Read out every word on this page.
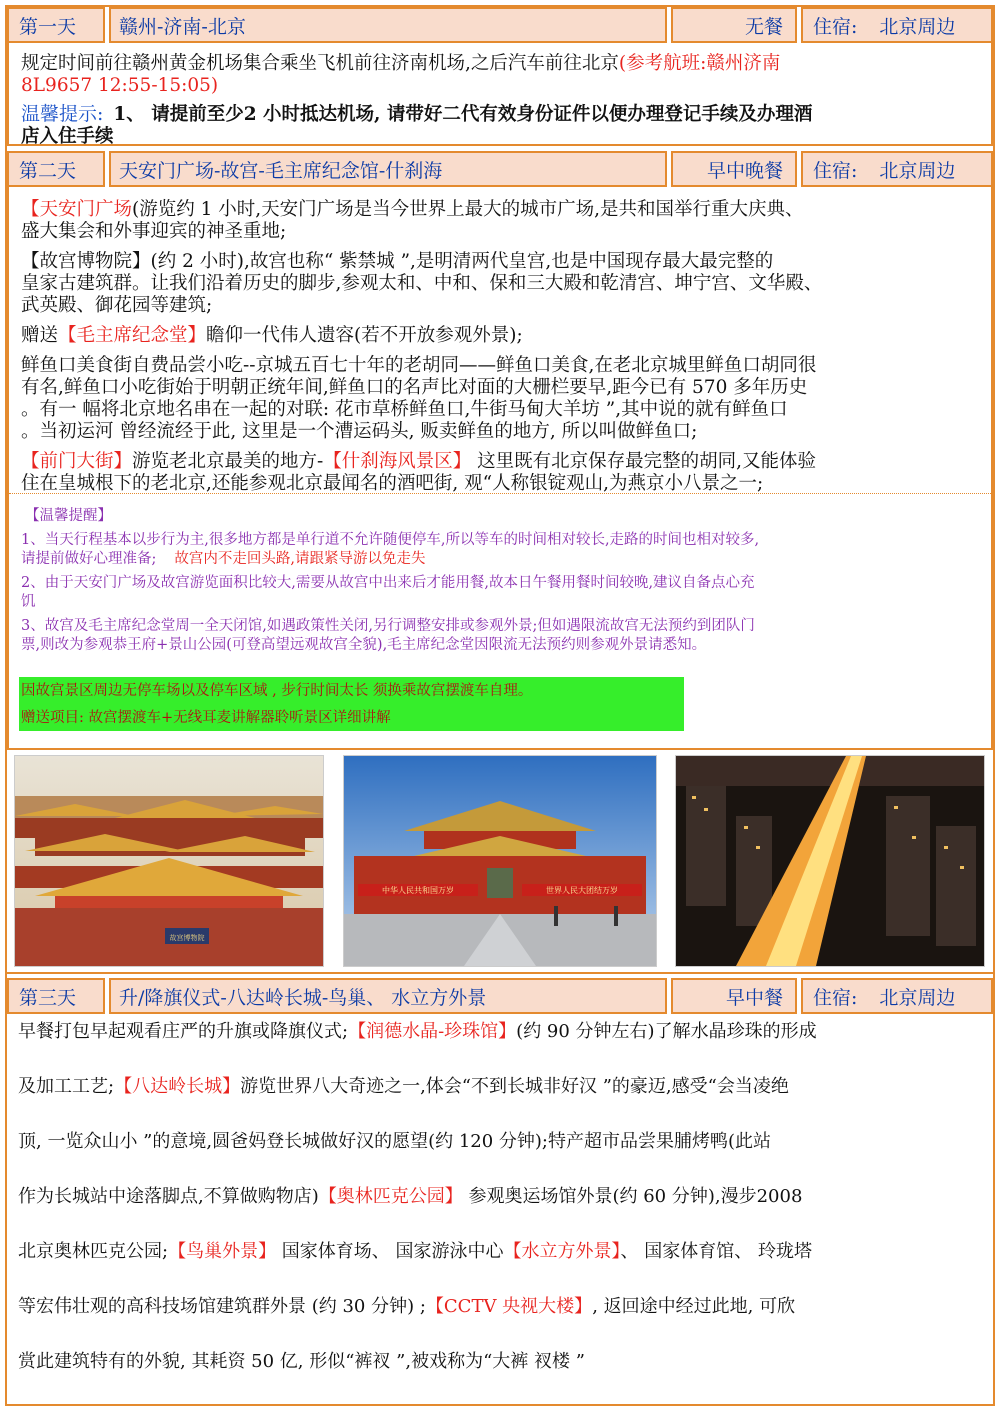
第一天	赣州-济南-北京	无餐	住宿: 北京周边

规定时间前往赣州黄金机场集合乘坐飞机前往济南机场,之后汽车前往北京(参考航班:赣州济南

8L9657 12:55-15:05)

温馨提示: 1、 请提前至少2 小时抵达机场, 请带好二代有效身份证件以便办理登记手续及办理酒

店入住手续

第二天	天安门广场-故宫-毛主席纪念馆-什刹海	早中晚餐	住宿: 北京周边

【天安门广场(游览约 1 小时,天安门广场是当今世界上最大的城市广场,是共和国举行重大庆典、

盛大集会和外事迎宾的神圣重地;

【故宫博物院】(约 2 小时),故宫也称“ 紫禁城 ”,是明清两代皇宫,也是中国现存最大最完整的

皇家古建筑群。让我们沿着历史的脚步,参观太和、中和、保和三大殿和乾清宫、坤宁宫、文华殿、

武英殿、御花园等建筑;

赠送【毛主席纪念堂】瞻仰一代伟人遗容(若不开放参观外景);

鲜鱼口美食街自费品尝小吃--京城五百七十年的老胡同——鲜鱼口美食,在老北京城里鲜鱼口胡同很

有名,鲜鱼口小吃街始于明朝正统年间,鲜鱼口的名声比对面的大栅栏要早,距今已有 570 多年历史

。有一 幅将北京地名串在一起的对联: 花市草桥鲜鱼口,牛街马甸大羊坊 ”,其中说的就有鲜鱼口

。当初运河 曾经流经于此, 这里是一个漕运码头, 贩卖鲜鱼的地方, 所以叫做鲜鱼口;

【前门大街】游览老北京最美的地方-【什刹海风景区】 这里既有北京保存最完整的胡同,又能体验

住在皇城根下的老北京,还能参观北京最闻名的酒吧街, 观“人称银锭观山,为燕京小八景之一;

【温馨提醒】

1、当天行程基本以步行为主,很多地方都是单行道不允许随便停车,所以等车的时间相对较长,走路的时间也相对较多,

请提前做好心理准备; 故宫内不走回头路,请跟紧导游以免走失

2、由于天安门广场及故宫游览面积比较大,需要从故宫中出来后才能用餐,故本日午餐用餐时间较晚,建议自备点心充

饥

3、故宫及毛主席纪念堂周一全天闭馆,如遇政策性关闭,另行调整安排或参观外景;但如遇限流故宫无法预约到团队门

票,则改为参观恭王府+景山公园(可登高望远观故宫全貌),毛主席纪念堂因限流无法预约则参观外景请悉知。

因故宫景区周边无停车场以及停车区域 , 步行时间太长 须换乘故宫摆渡车自理。

赠送项目: 故宫摆渡车+无线耳麦讲解器聆听景区详细讲解

故宫博物院
中华人民共和国万岁	世界人民大团结万岁
第三天	升/降旗仪式-八达岭长城-鸟巢、 水立方外景	早中餐	住宿: 北京周边

早餐打包早起观看庄严的升旗或降旗仪式;【润德水晶-珍珠馆】(约 90 分钟左右)了解水晶珍珠的形成

及加工工艺;【八达岭长城】游览世界八大奇迹之一,体会“不到长城非好汉 ”的豪迈,感受“会当凌绝

顶, 一览众山小 ”的意境,圆爸妈登长城做好汉的愿望(约 120 分钟);特产超市品尝果脯烤鸭(此站

作为长城站中途落脚点,不算做购物店)【奥林匹克公园】 参观奥运场馆外景(约 60 分钟),漫步2008

北京奥林匹克公园;【鸟巢外景】 国家体育场、 国家游泳中心【水立方外景】、 国家体育馆、 玲珑塔

等宏伟壮观的高科技场馆建筑群外景 (约 30 分钟) ;【CCTV 央视大楼】, 返回途中经过此地, 可欣

赏此建筑特有的外貌, 其耗资 50 亿, 形似“裤衩 ”,被戏称为“大裤 衩楼 ”
